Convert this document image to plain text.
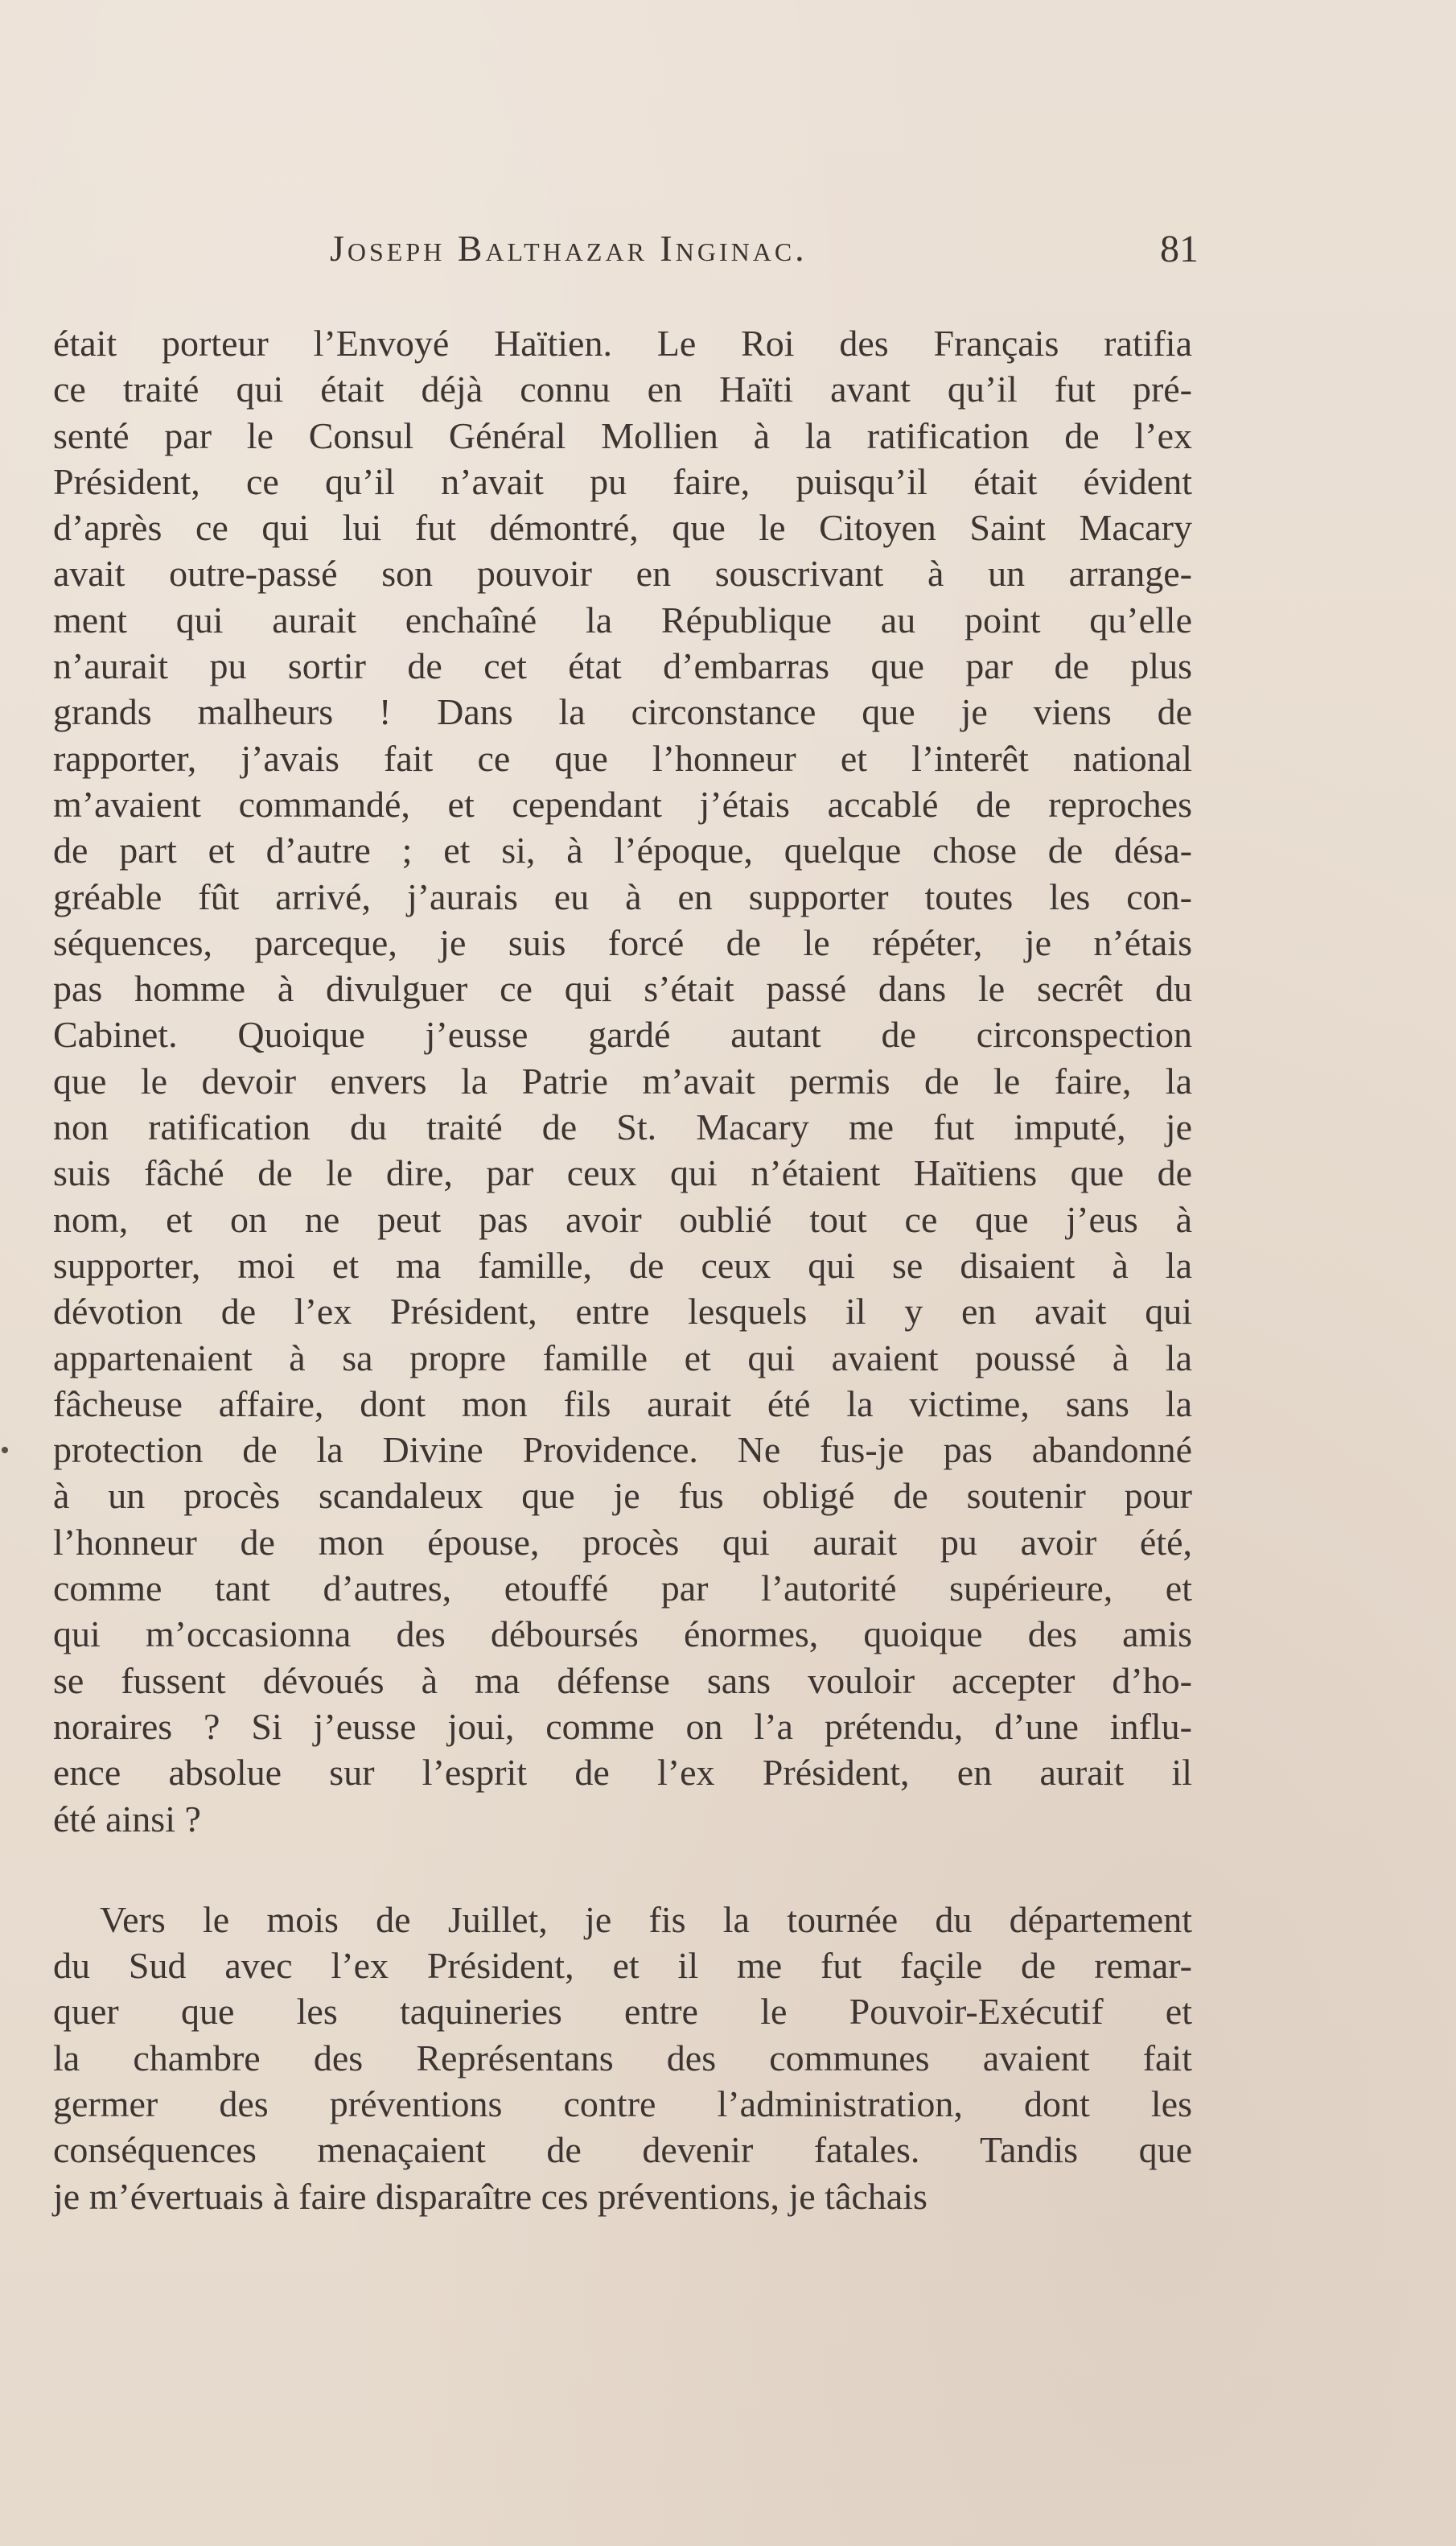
Joseph Balthazar Inginac.	81
était porteur l’Envoyé Haïtien. Le Roi des Français ratifia
ce traité qui était déjà connu en Haïti avant qu’il fut pré-
senté par le Consul Général Mollien à la ratification de l’ex
Président, ce qu’il n’avait pu faire, puisqu’il était évident
d’après ce qui lui fut démontré, que le Citoyen Saint Macary
avait outre-passé son pouvoir en souscrivant à un arrange-
ment qui aurait enchaîné la République au point qu’elle
n’aurait pu sortir de cet état d’embarras que par de plus
grands malheurs ! Dans la circonstance que je viens de
rapporter, j’avais fait ce que l’honneur et l’interêt national
m’avaient commandé, et cependant j’étais accablé de reproches
de part et d’autre ; et si, à l’époque, quelque chose de désa-
gréable fût arrivé, j’aurais eu à en supporter toutes les con-
séquences, parceque, je suis forcé de le répéter, je n’étais
pas homme à divulguer ce qui s’était passé dans le secrêt du
Cabinet. Quoique j’eusse gardé autant de circonspection
que le devoir envers la Patrie m’avait permis de le faire, la
non ratification du traité de St. Macary me fut imputé, je
suis fâché de le dire, par ceux qui n’étaient Haïtiens que de
nom, et on ne peut pas avoir oublié tout ce que j’eus à
supporter, moi et ma famille, de ceux qui se disaient à la
dévotion de l’ex Président, entre lesquels il y en avait qui
appartenaient à sa propre famille et qui avaient poussé à la
fâcheuse affaire, dont mon fils aurait été la victime, sans la
protection de la Divine Providence. Ne fus-je pas abandonné
à un procès scandaleux que je fus obligé de soutenir pour
l’honneur de mon épouse, procès qui aurait pu avoir été,
comme tant d’autres, etouffé par l’autorité supérieure, et
qui m’occasionna des déboursés énormes, quoique des amis
se fussent dévoués à ma défense sans vouloir accepter d’ho-
noraires ? Si j’eusse joui, comme on l’a prétendu, d’une influ-
ence absolue sur l’esprit de l’ex Président, en aurait il
été ainsi ?
Vers le mois de Juillet, je fis la tournée du département
du Sud avec l’ex Président, et il me fut façile de remar-
quer que les taquineries entre le Pouvoir-Exécutif et
la chambre des Représentans des communes avaient fait
germer des préventions contre l’administration, dont les
conséquences menaçaient de devenir fatales. Tandis que
je m’évertuais à faire disparaître ces préventions, je tâchais
